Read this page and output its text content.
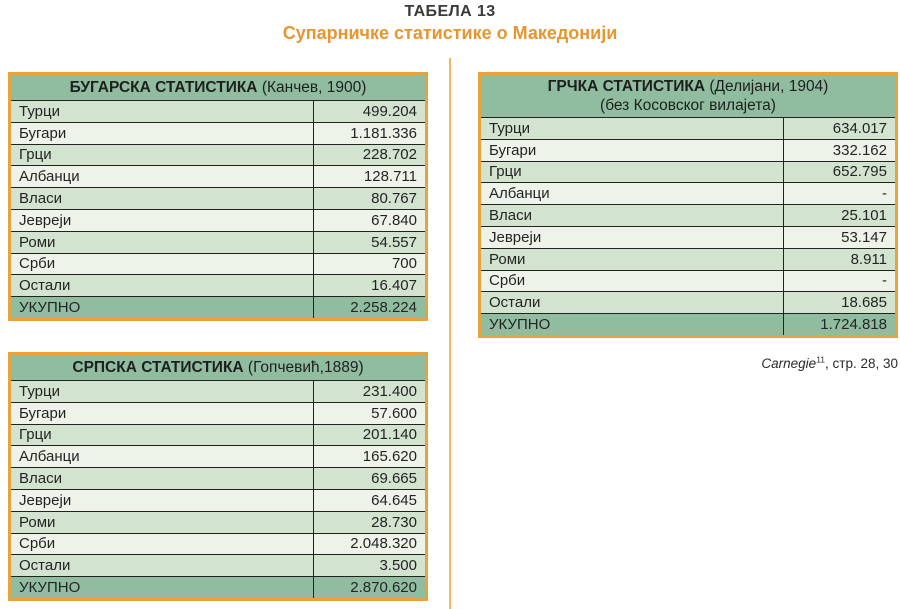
ТАБЕЛА 13
Супарничке статистике о Македонији
БУГАРСКА СТАТИСТИКА (Канчев, 1900)
Турци	499.204
Бугари	1.181.336
Грци	228.702
Албанци	128.711
Власи	80.767
Јевреји	67.840
Роми	54.557
Срби	700
Остали	16.407
УКУПНО	2.258.224
СРПСКА СТАТИСТИКА (Гопчевић,1889)
Турци	231.400
Бугари	57.600
Грци	201.140
Албанци	165.620
Власи	69.665
Јевреји	64.645
Роми	28.730
Срби	2.048.320
Остали	3.500
УКУПНО	2.870.620
ГРЧКА СТАТИСТИКА (Делијани, 1904)
(без Косовског вилајета)
Турци	634.017
Бугари	332.162
Грци	652.795
Албанци	-
Власи	25.101
Јевреји	53.147
Роми	8.911
Срби	-
Остали	18.685
УКУПНО	1.724.818
Carnegie$^{11}$, стр. 28, 30
